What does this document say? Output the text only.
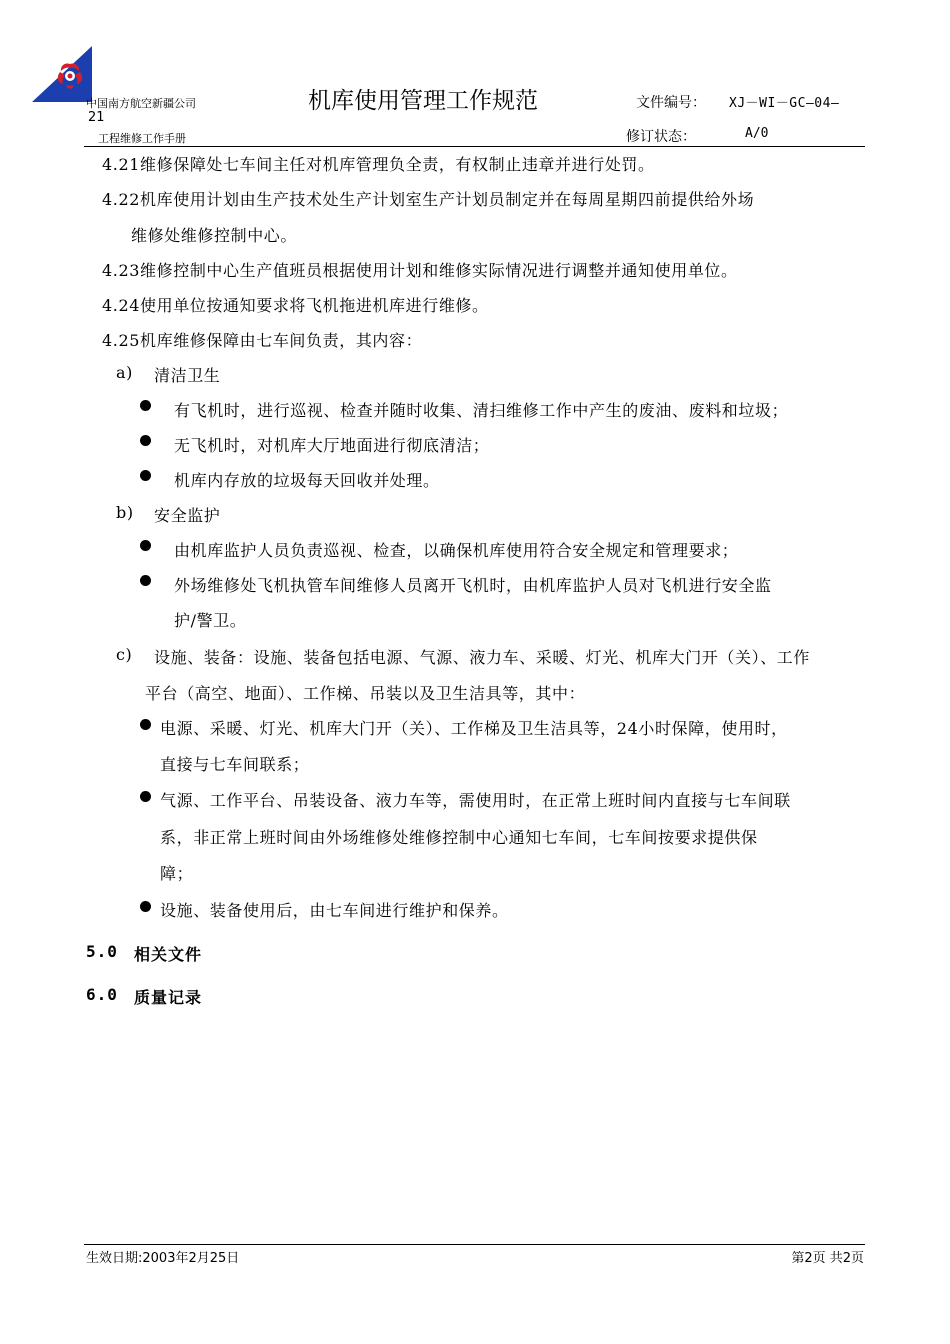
中国南方航空新疆公司	机库使用管理工作规范	文件编号： XJ－WI－GC—04—
21
工程维修工作手册	修订状态：	A/0
4.21维修保障处七车间主任对机库管理负全责，有权制止违章并进行处罚。
4.22机库使用计划由生产技术处生产计划室生产计划员制定并在每周星期四前提供给外场
维修处维修控制中心。
4.23维修控制中心生产值班员根据使用计划和维修实际情况进行调整并通知使用单位。
4.24使用单位按通知要求将飞机拖进机库进行维修。
4.25机库维修保障由七车间负责，其内容：
a) 清洁卫生
有飞机时，进行巡视、检查并随时收集、清扫维修工作中产生的废油、废料和垃圾；
无飞机时，对机库大厅地面进行彻底清洁；
机库内存放的垃圾每天回收并处理。
b) 安全监护
由机库监护人员负责巡视、检查，以确保机库使用符合安全规定和管理要求；
外场维修处飞机执管车间维修人员离开飞机时，由机库监护人员对飞机进行安全监
护/警卫。
c) 设施、装备：设施、装备包括电源、气源、液力车、采暖、灯光、机库大门开（关）、工作
平台（高空、地面）、工作梯、吊装以及卫生洁具等，其中：
电源、采暖、灯光、机库大门开（关）、工作梯及卫生洁具等，24小时保障，使用时，
直接与七车间联系；
气源、工作平台、吊装设备、液力车等，需使用时，在正常上班时间内直接与七车间联
系，非正常上班时间由外场维修处维修控制中心通知七车间，七车间按要求提供保
障；
设施、装备使用后，由七车间进行维护和保养。
5.0 相关文件
6.0 质量记录
生效日期:2003年2月25日	第2页 共2页
